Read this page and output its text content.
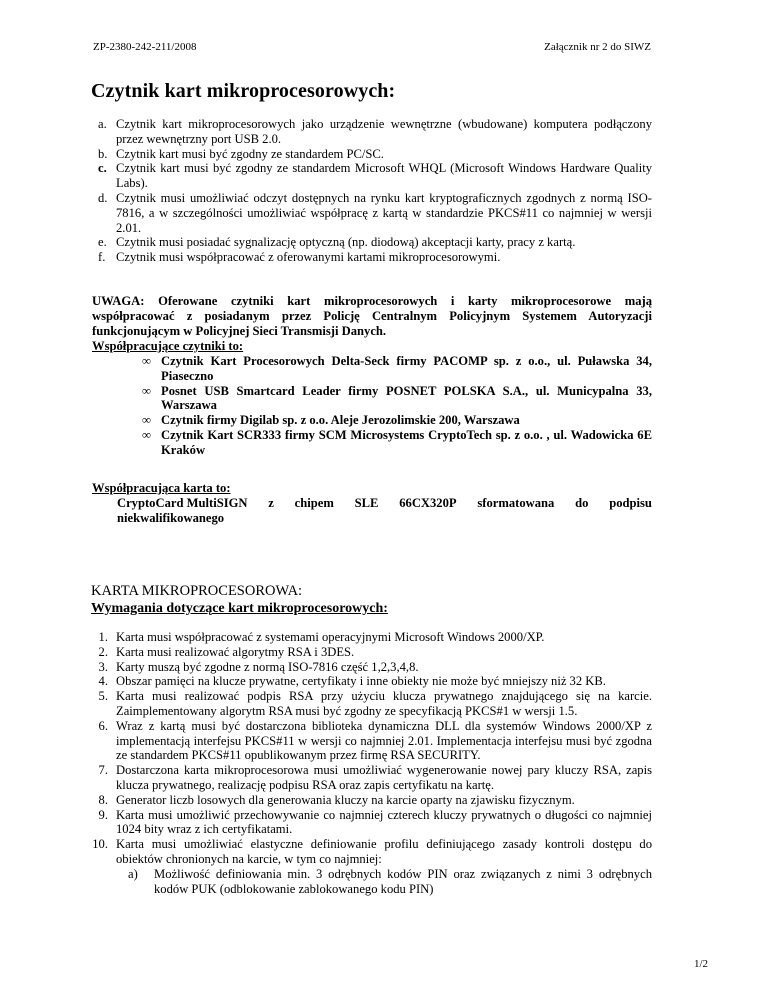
ZP-2380-242-211/2008	Załącznik nr 2 do SIWZ
Czytnik kart mikroprocesorowych:
a. Czytnik kart mikroprocesorowych jako urządzenie wewnętrzne (wbudowane) komputera podłączony przez wewnętrzny port USB 2.0.
b. Czytnik kart musi być zgodny ze standardem PC/SC.
c. Czytnik kart musi być zgodny ze standardem Microsoft WHQL (Microsoft Windows Hardware Quality Labs).
d. Czytnik musi umożliwiać odczyt dostępnych na rynku kart kryptograficznych zgodnych z normą ISO-7816, a w szczególności umożliwiać współpracę z kartą w standardzie PKCS#11 co najmniej w wersji 2.01.
e. Czytnik musi posiadać sygnalizację optyczną (np. diodową) akceptacji karty, pracy z kartą.
f. Czytnik musi współpracować z oferowanymi kartami mikroprocesorowymi.
UWAGA: Oferowane czytniki kart mikroprocesorowych i karty mikroprocesorowe mają współpracować z posiadanym przez Policję Centralnym Policyjnym Systemem Autoryzacji funkcjonującym w Policyjnej Sieci Transmisji Danych.
Współpracujące czytniki to:
∞ Czytnik Kart Procesorowych Delta-Seck firmy PACOMP sp. z o.o., ul. Puławska 34, Piaseczno
∞ Posnet USB Smartcard Leader firmy POSNET POLSKA S.A., ul. Municypalna 33, Warszawa
∞ Czytnik firmy Digilab sp. z o.o. Aleje Jerozolimskie 200, Warszawa
∞ Czytnik Kart SCR333 firmy SCM Microsystems CryptoTech sp. z o.o. , ul. Wadowicka 6E Kraków
Współpracująca karta to:
CryptoCard MultiSIGN z chipem SLE 66CX320P sformatowana do podpisu
niekwalifikowanego
KARTA MIKROPROCESOROWA:
Wymagania dotyczące kart mikroprocesorowych:
1. Karta musi współpracować z systemami operacyjnymi Microsoft Windows 2000/XP.
2. Karta musi realizować algorytmy RSA i 3DES.
3. Karty muszą być zgodne z normą ISO-7816 część 1,2,3,4,8.
4. Obszar pamięci na klucze prywatne, certyfikaty i inne obiekty nie może być mniejszy niż 32 KB.
5. Karta musi realizować podpis RSA przy użyciu klucza prywatnego znajdującego się na karcie. Zaimplementowany algorytm RSA musi być zgodny ze specyfikacją PKCS#1 w wersji 1.5.
6. Wraz z kartą musi być dostarczona biblioteka dynamiczna DLL dla systemów Windows 2000/XP z implementacją interfejsu PKCS#11 w wersji co najmniej 2.01. Implementacja interfejsu musi być zgodna ze standardem PKCS#11 opublikowanym przez firmę RSA SECURITY.
7. Dostarczona karta mikroprocesorowa musi umożliwiać wygenerowanie nowej pary kluczy RSA, zapis klucza prywatnego, realizację podpisu RSA oraz zapis certyfikatu na kartę.
8. Generator liczb losowych dla generowania kluczy na karcie oparty na zjawisku fizycznym.
9. Karta musi umożliwić przechowywanie co najmniej czterech kluczy prywatnych o długości co najmniej 1024 bity wraz z ich certyfikatami.
10. Karta musi umożliwiać elastyczne definiowanie profilu definiującego zasady kontroli dostępu do obiektów chronionych na karcie, w tym co najmniej:
a) Możliwość definiowania min. 3 odrębnych kodów PIN oraz związanych z nimi 3 odrębnych kodów PUK (odblokowanie zablokowanego kodu PIN)
1/2
